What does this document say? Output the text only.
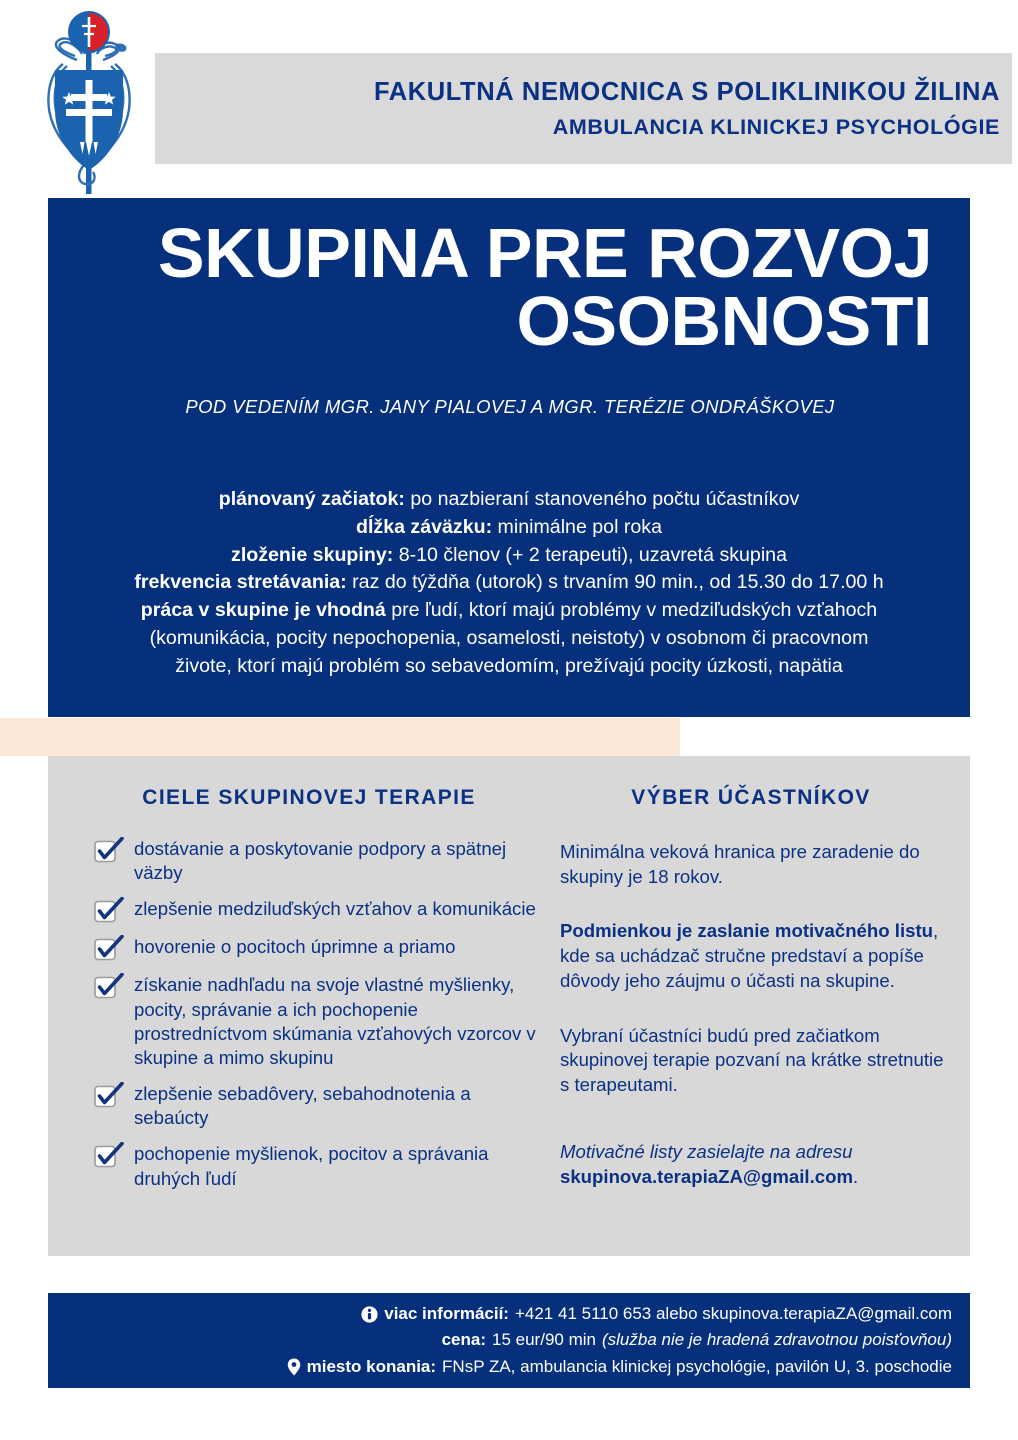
FAKULTNÁ NEMOCNICA S POLIKLINIKOU ŽILINA
AMBULANCIA KLINICKEJ PSYCHOLÓGIE
SKUPINA PRE ROZVOJ
OSOBNOSTI
POD VEDENÍM MGR. JANY PIALOVEJ A MGR. TERÉZIE ONDRÁŠKOVEJ

plánovaný začiatok: po nazbieraní stanoveného počtu účastníkov

dĺžka záväzku: minimálne pol roka

zloženie skupiny: 8-10 členov (+ 2 terapeuti), uzavretá skupina

frekvencia stretávania: raz do týždňa (utorok) s trvaním 90 min., od 15.30 do 17.00 h

práca v skupine je vhodná pre ľudí, ktorí majú problémy v medziľudských vzťahoch

(komunikácia, pocity nepochopenia, osamelosti, neistoty) v osobnom či pracovnom

živote, ktorí majú problém so sebavedomím, prežívajú pocity úzkosti, napätia

CIELE SKUPINOVEJ TERAPIE
dostávanie a poskytovanie podpory a spätnej väzby
zlepšenie medziluďských vzťahov a komunikácie
hovorenie o pocitoch úprimne a priamo
získanie nadhľadu na svoje vlastné myšlienky, pocity, správanie a ich pochopenie prostredníctvom skúmania vzťahových vzorcov v skupine a mimo skupinu
zlepšenie sebadôvery, sebahodnotenia a sebaúcty
pochopenie myšlienok, pocitov a správania druhých ľudí
VÝBER ÚČASTNÍKOV

Minimálna veková hranica pre zaradenie do skupiny je 18 rokov.

Podmienkou je zaslanie motivačného listu, kde sa uchádzač stručne predstaví a popíše dôvody jeho záujmu o účasti na skupine.

Vybraní účastníci budú pred začiatkom skupinovej terapie pozvaní na krátke stretnutie s terapeutami.

Motivačné listy zasielajte na adresu
skupinova.terapiaZA@gmail.com.

viac informácií: +421 41 5110 653 alebo skupinova.terapiaZA@gmail.com
cena: 15 eur/90 min (služba nie je hradená zdravotnou poisťovňou)
miesto konania: FNsP ZA, ambulancia klinickej psychológie, pavilón U, 3. poschodie
